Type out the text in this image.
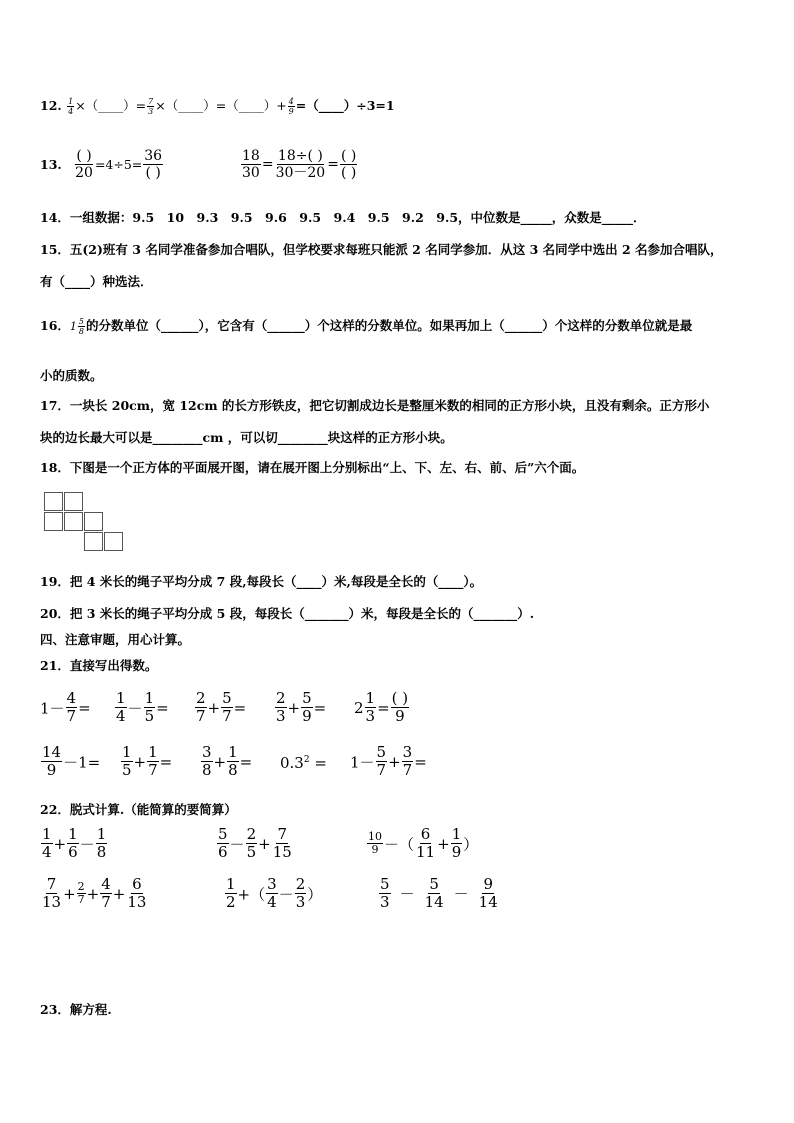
12. $\frac{1}{4}$ ×（____）= $\frac{7}{3}$ ×（____）=（____）+ $\frac{4}{9}$ =（____）÷3=1
13. $\frac{( )}{20} =4\div 5= \frac{36}{( )}$	$\frac{18}{30} = \frac{18\div( )}{30-20} = \frac{( )}{( )}$
14．一组数据：9.5　10　9.3　9.5　9.6　9.5　9.4　9.5　9.2　9.5，中位数是_____，众数是_____．
15．五(2)班有 3 名同学准备参加合唱队，但学校要求每班只能派 2 名同学参加．从这 3 名同学中选出 2 名参加合唱队，
有（____）种选法．
16．$1 \frac{5}{8}$ 的分数单位（______），它含有（______）个这样的分数单位。如果再加上（______）个这样的分数单位就是最
小的质数。
17．一块长 20cm，宽 12cm 的长方形铁皮，把它切割成边长是整厘米数的相同的正方形小块，且没有剩余。正方形小
块的边长最大可以是________cm ，可以切________块这样的正方形小块。
18．下图是一个正方体的平面展开图，请在展开图上分别标出“上、下、左、右、前、后”六个面。
19．把 4 米长的绳子平均分成 7 段,每段长（____）米,每段是全长的（____）。
20．把 3 米长的绳子平均分成 5 段，每段长（_______）米，每段是全长的（_______）.
四、注意审题，用心计算。
21．直接写出得数。
$1- \frac{4}{7} = \frac{1}{4} - \frac{1}{5} = \frac{2}{7} + \frac{5}{7} = \frac{2}{3} + \frac{5}{9} = 2 \frac{1}{3} = \frac{( )}{9}$
$\frac{14}{9} -1= \frac{1}{5} + \frac{1}{7} = \frac{3}{8} + \frac{1}{8} = 0.3^2 = 1- \frac{5}{7} + \frac{3}{7}$ =
22．脱式计算.（能简算的要简算）
$\frac{1}{4} + \frac{1}{6} - \frac{1}{8}$	$\frac{5}{6} - \frac{2}{5} + \frac{7}{15}$	$\frac{10}{9}$ －（ $\frac{6}{11} + \frac{1}{9}$ ）
$\frac{7}{13} + \frac{2}{7} + \frac{4}{7} + \frac{6}{13}$	$\frac{1}{2}$ +（ $\frac{3}{4} - \frac{2}{3}$ ）	$\frac{5}{3} - \frac{5}{14} - \frac{9}{14}$
23．解方程.
